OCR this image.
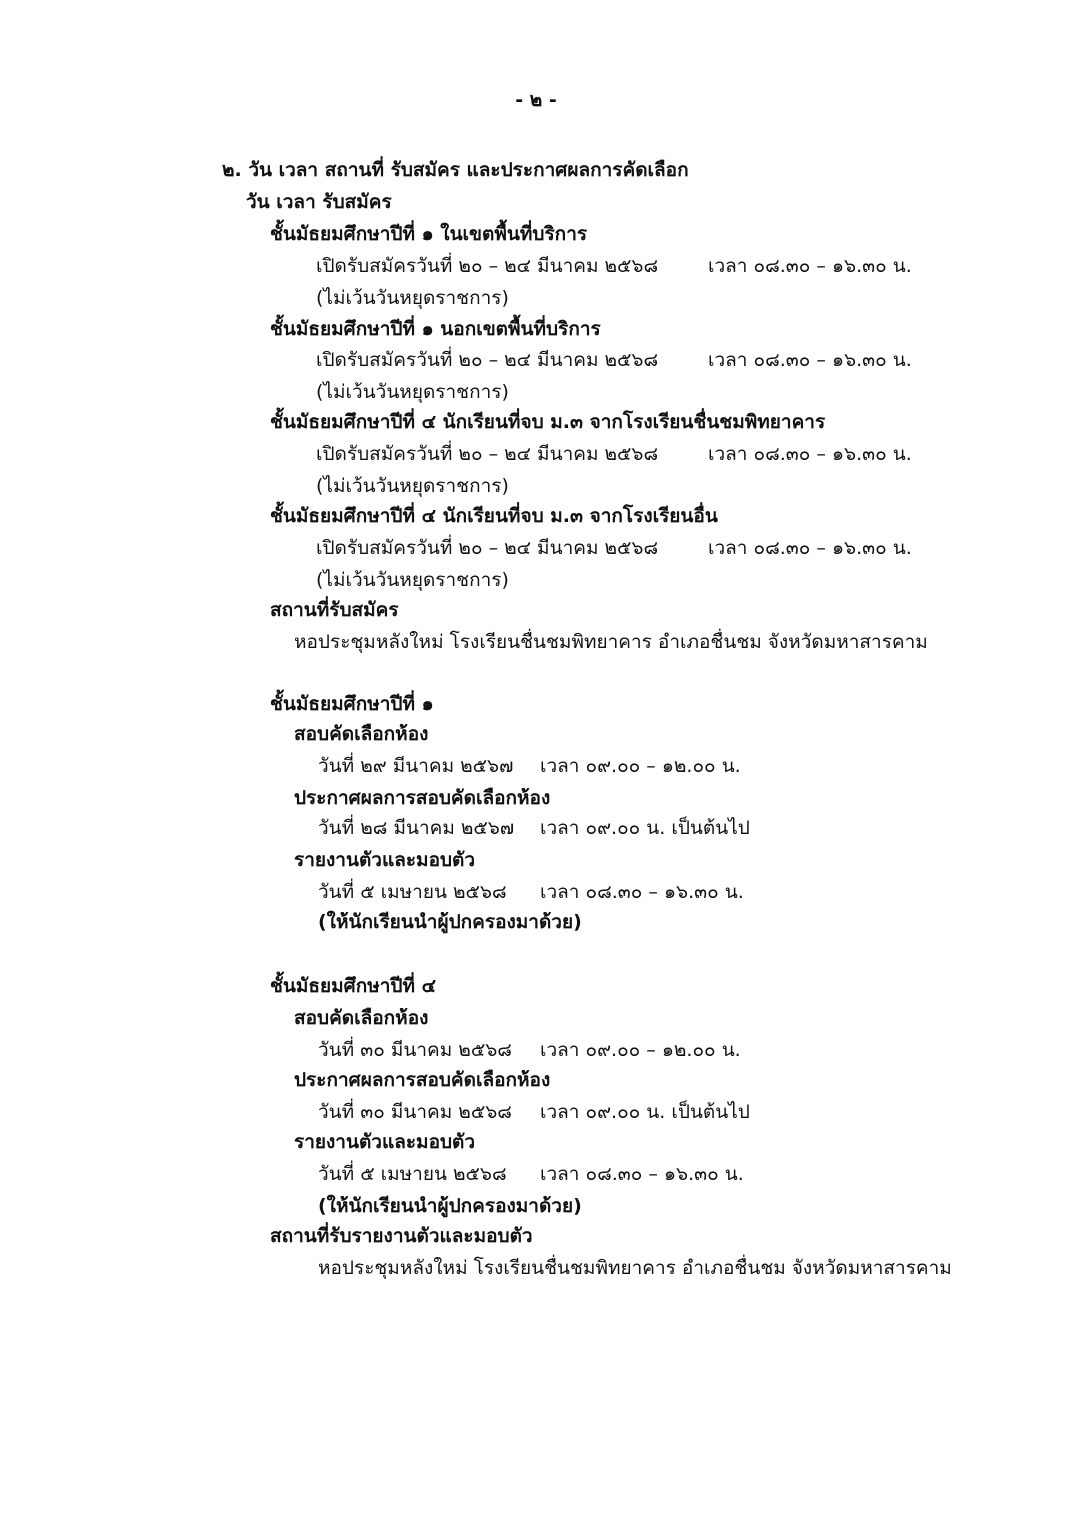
- ๒ -
๒. วัน เวลา สถานที่ รับสมัคร และประกาศผลการคัดเลือก
วัน เวลา รับสมัคร
ชั้นมัธยมศึกษาปีที่ ๑ ในเขตพื้นที่บริการ
เปิดรับสมัครวันที่ ๒๐ – ๒๔ มีนาคม ๒๕๖๘	เวลา ๐๘.๓๐ – ๑๖.๓๐ น.
(ไม่เว้นวันหยุดราชการ)
ชั้นมัธยมศึกษาปีที่ ๑ นอกเขตพื้นที่บริการ
เปิดรับสมัครวันที่ ๒๐ – ๒๔ มีนาคม ๒๕๖๘	เวลา ๐๘.๓๐ – ๑๖.๓๐ น.
(ไม่เว้นวันหยุดราชการ)
ชั้นมัธยมศึกษาปีที่ ๔ นักเรียนที่จบ ม.๓ จากโรงเรียนชื่นชมพิทยาคาร
เปิดรับสมัครวันที่ ๒๐ – ๒๔ มีนาคม ๒๕๖๘	เวลา ๐๘.๓๐ – ๑๖.๓๐ น.
(ไม่เว้นวันหยุดราชการ)
ชั้นมัธยมศึกษาปีที่ ๔ นักเรียนที่จบ ม.๓ จากโรงเรียนอื่น
เปิดรับสมัครวันที่ ๒๐ – ๒๔ มีนาคม ๒๕๖๘	เวลา ๐๘.๓๐ – ๑๖.๓๐ น.
(ไม่เว้นวันหยุดราชการ)
สถานที่รับสมัคร
หอประชุมหลังใหม่ โรงเรียนชื่นชมพิทยาคาร อำเภอชื่นชม จังหวัดมหาสารคาม
ชั้นมัธยมศึกษาปีที่ ๑
สอบคัดเลือกห้อง
วันที่ ๒๙ มีนาคม ๒๕๖๗ เวลา ๐๙.๐๐ – ๑๒.๐๐ น.
ประกาศผลการสอบคัดเลือกห้อง
วันที่ ๒๘ มีนาคม ๒๕๖๗ เวลา ๐๙.๐๐ น. เป็นต้นไป
รายงานตัวและมอบตัว
วันที่ ๕ เมษายน ๒๕๖๘ เวลา ๐๘.๓๐ – ๑๖.๓๐ น.
(ให้นักเรียนนำผู้ปกครองมาด้วย)
ชั้นมัธยมศึกษาปีที่ ๔
สอบคัดเลือกห้อง
วันที่ ๓๐ มีนาคม ๒๕๖๘ เวลา ๐๙.๐๐ – ๑๒.๐๐ น.
ประกาศผลการสอบคัดเลือกห้อง
วันที่ ๓๐ มีนาคม ๒๕๖๘ เวลา ๐๙.๐๐ น. เป็นต้นไป
รายงานตัวและมอบตัว
วันที่ ๕ เมษายน ๒๕๖๘ เวลา ๐๘.๓๐ – ๑๖.๓๐ น.
(ให้นักเรียนนำผู้ปกครองมาด้วย)
สถานที่รับรายงานตัวและมอบตัว
หอประชุมหลังใหม่ โรงเรียนชื่นชมพิทยาคาร อำเภอชื่นชม จังหวัดมหาสารคาม
